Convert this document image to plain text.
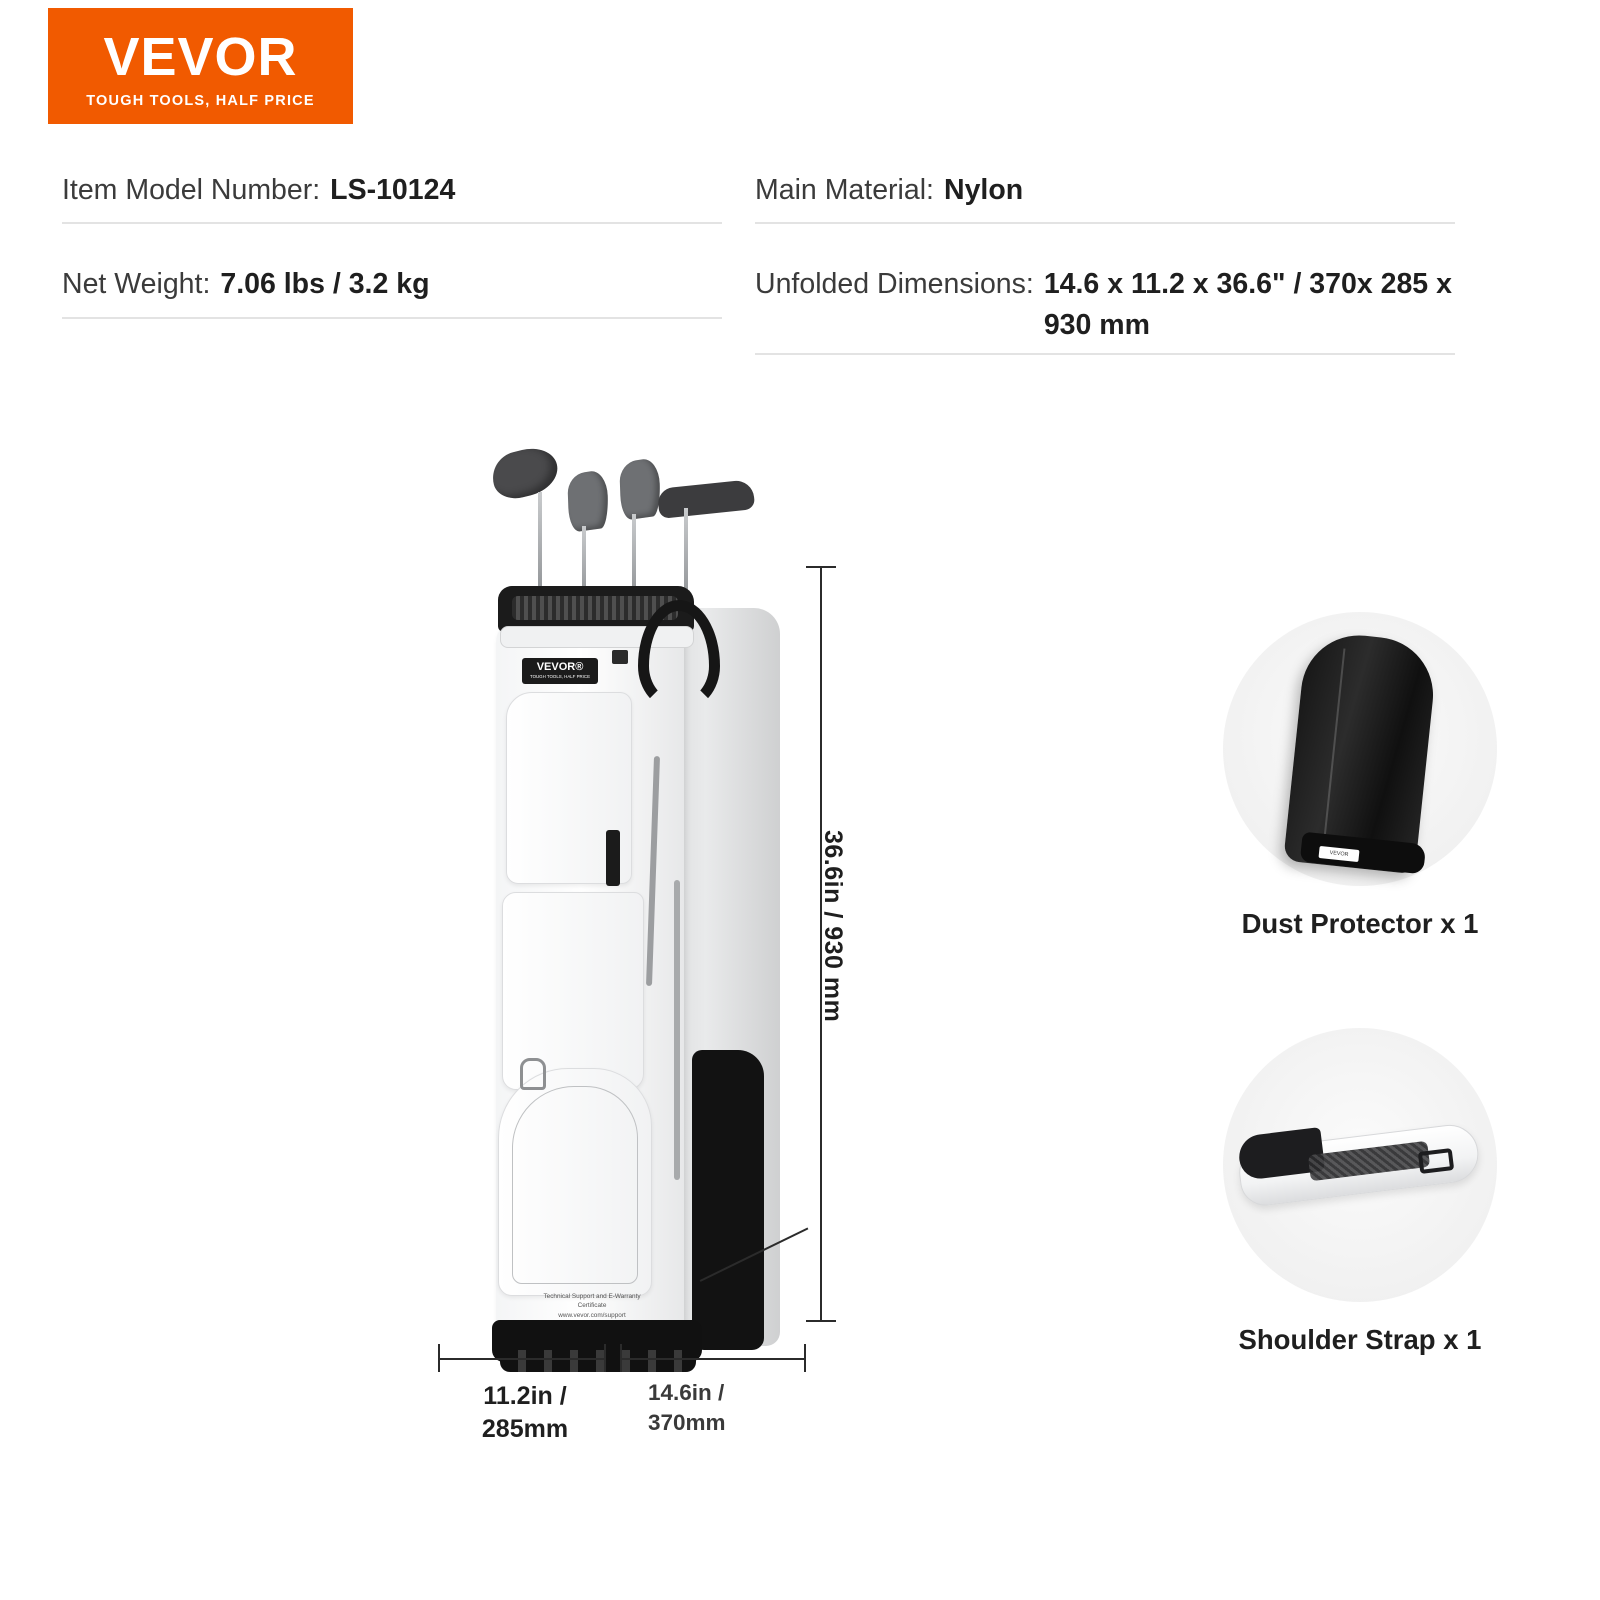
VEVOR
TOUGH TOOLS, HALF PRICE
Item Model Number: LS-10124
Net Weight: 7.06 lbs / 3.2 kg
Main Material: Nylon
Unfolded Dimensions: 14.6 x 11.2 x 36.6" / 370x 285 x 930 mm
VEVOR®
TOUGH TOOLS, HALF PRICE
Technical Support and E-Warranty Certificate
www.vevor.com/support
36.6in / 930 mm
11.2in / 285mm
14.6in / 370mm
VEVOR
Dust Protector x 1
Shoulder Strap x 1
